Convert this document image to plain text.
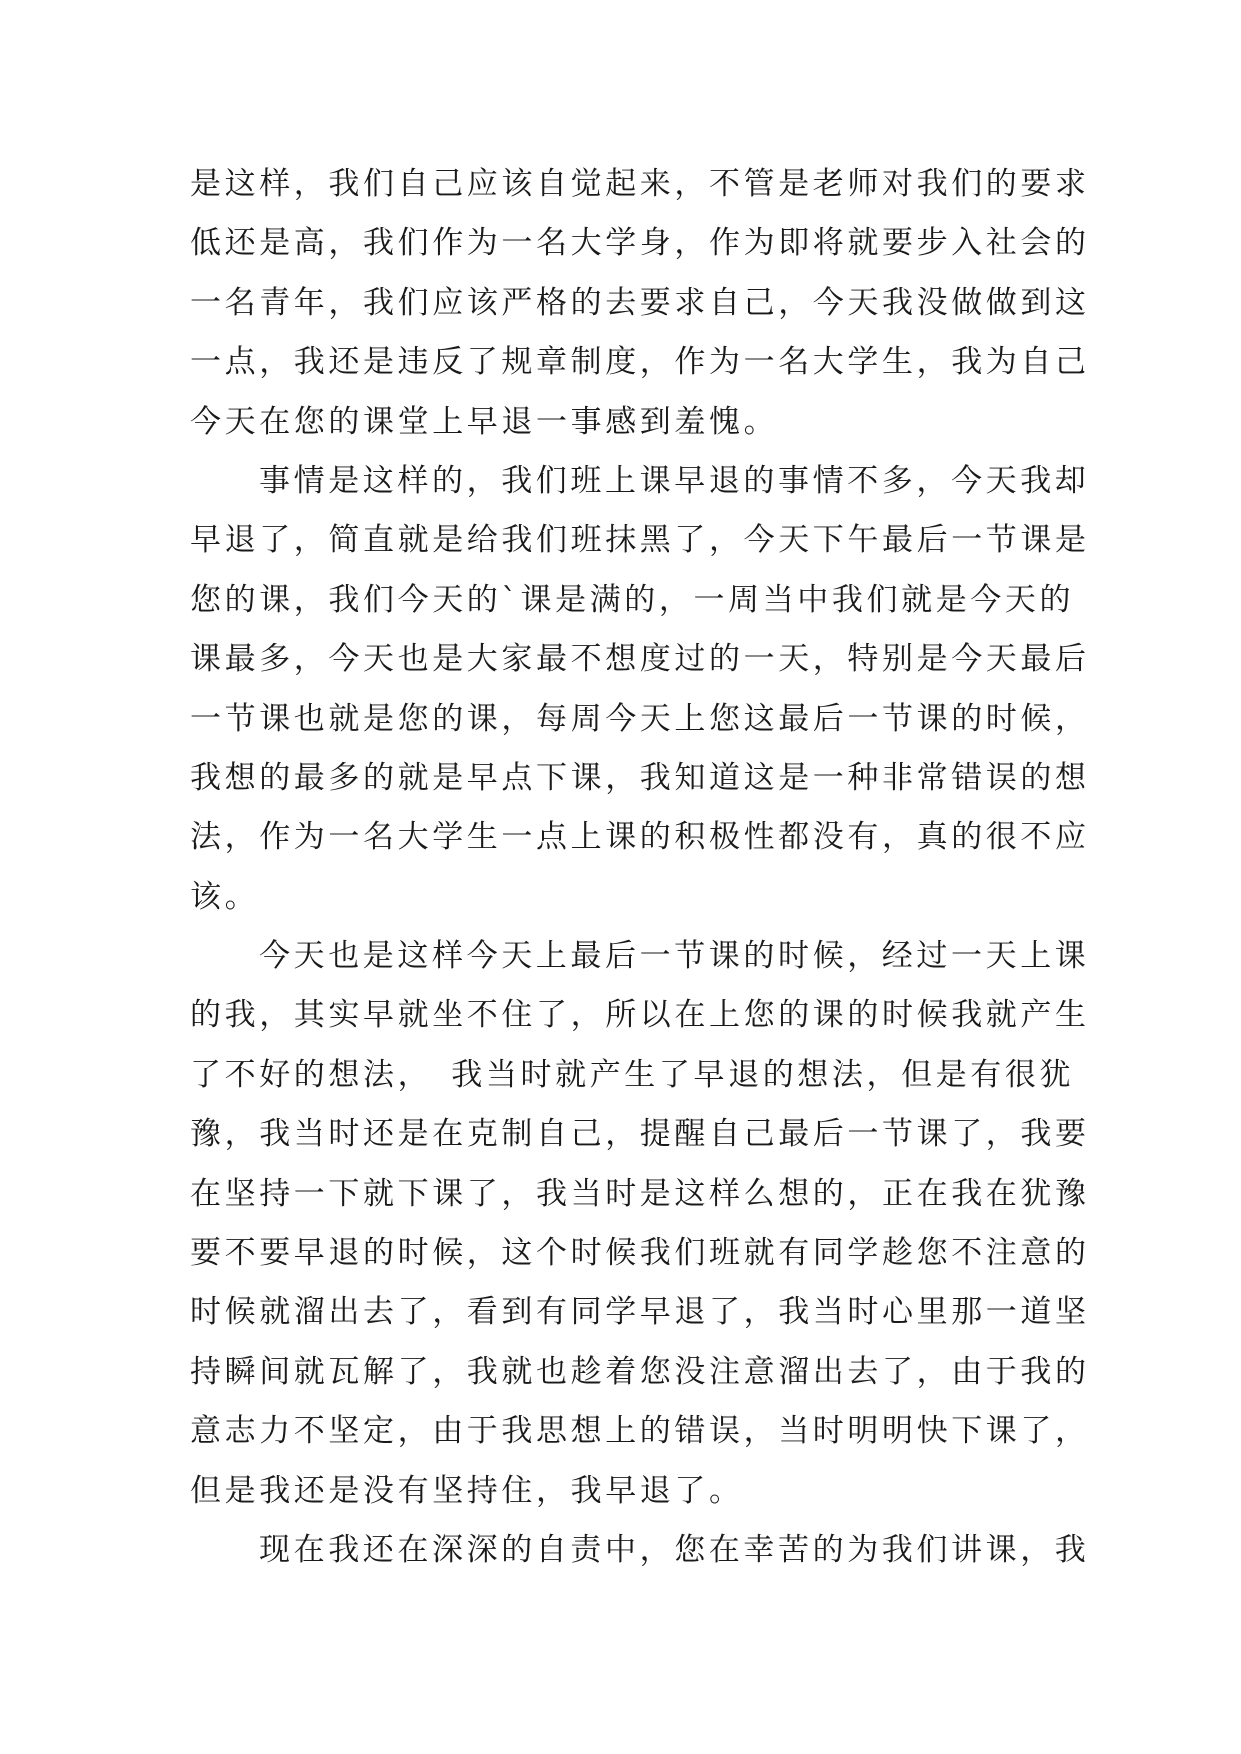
是这样，我们自己应该自觉起来，不管是老师对我们的要求
低还是高，我们作为一名大学身，作为即将就要步入社会的
一名青年，我们应该严格的去要求自己，今天我没做做到这
一点，我还是违反了规章制度，作为一名大学生，我为自己
今天在您的课堂上早退一事感到羞愧。
事情是这样的，我们班上课早退的事情不多，今天我却
早退了，简直就是给我们班抹黑了，今天下午最后一节课是
您的课，我们今天的`课是满的，一周当中我们就是今天的
课最多，今天也是大家最不想度过的一天，特别是今天最后
一节课也就是您的课，每周今天上您这最后一节课的时候，
我想的最多的就是早点下课，我知道这是一种非常错误的想
法，作为一名大学生一点上课的积极性都没有，真的很不应
该。
今天也是这样今天上最后一节课的时候，经过一天上课
的我，其实早就坐不住了，所以在上您的课的时候我就产生
了不好的想法，　我当时就产生了早退的想法，但是有很犹
豫，我当时还是在克制自己，提醒自己最后一节课了，我要
在坚持一下就下课了，我当时是这样么想的，正在我在犹豫
要不要早退的时候，这个时候我们班就有同学趁您不注意的
时候就溜出去了，看到有同学早退了，我当时心里那一道坚
持瞬间就瓦解了，我就也趁着您没注意溜出去了，由于我的
意志力不坚定，由于我思想上的错误，当时明明快下课了，
但是我还是没有坚持住，我早退了。
现在我还在深深的自责中，您在幸苦的为我们讲课，我
